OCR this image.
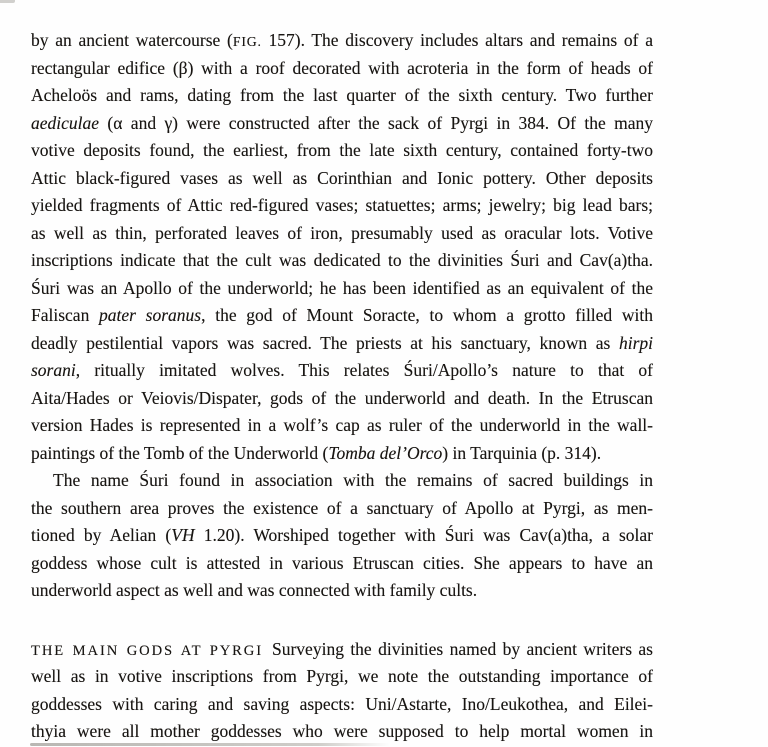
by an ancient watercourse (FIG. 157). The discovery includes altars and remains of a
rectangular edifice (β) with a roof decorated with acroteria in the form of heads of
Acheloös and rams, dating from the last quarter of the sixth century. Two further
aediculae (α and γ) were constructed after the sack of Pyrgi in 384. Of the many
votive deposits found, the earliest, from the late sixth century, contained forty-two
Attic black-figured vases as well as Corinthian and Ionic pottery. Other deposits
yielded fragments of Attic red-figured vases; statuettes; arms; jewelry; big lead bars;
as well as thin, perforated leaves of iron, presumably used as oracular lots. Votive
inscriptions indicate that the cult was dedicated to the divinities Śuri and Cav(a)tha.
Śuri was an Apollo of the underworld; he has been identified as an equivalent of the
Faliscan pater soranus, the god of Mount Soracte, to whom a grotto filled with
deadly pestilential vapors was sacred. The priests at his sanctuary, known as hirpi
sorani, ritually imitated wolves. This relates Śuri/Apollo’s nature to that of
Aita/Hades or Veiovis/Dispater, gods of the underworld and death. In the Etruscan
version Hades is represented in a wolf’s cap as ruler of the underworld in the wall-
paintings of the Tomb of the Underworld (Tomba del’Orco) in Tarquinia (p. 314).
The name Śuri found in association with the remains of sacred buildings in
the southern area proves the existence of a sanctuary of Apollo at Pyrgi, as men-
tioned by Aelian (VH 1.20). Worshiped together with Śuri was Cav(a)tha, a solar
goddess whose cult is attested in various Etruscan cities. She appears to have an
underworld aspect as well and was connected with family cults.
THE MAIN GODS AT PYRGI Surveying the divinities named by ancient writers as
well as in votive inscriptions from Pyrgi, we note the outstanding importance of
goddesses with caring and saving aspects: Uni/Astarte, Ino/Leukothea, and Eilei-
thyia were all mother goddesses who were supposed to help mortal women in
